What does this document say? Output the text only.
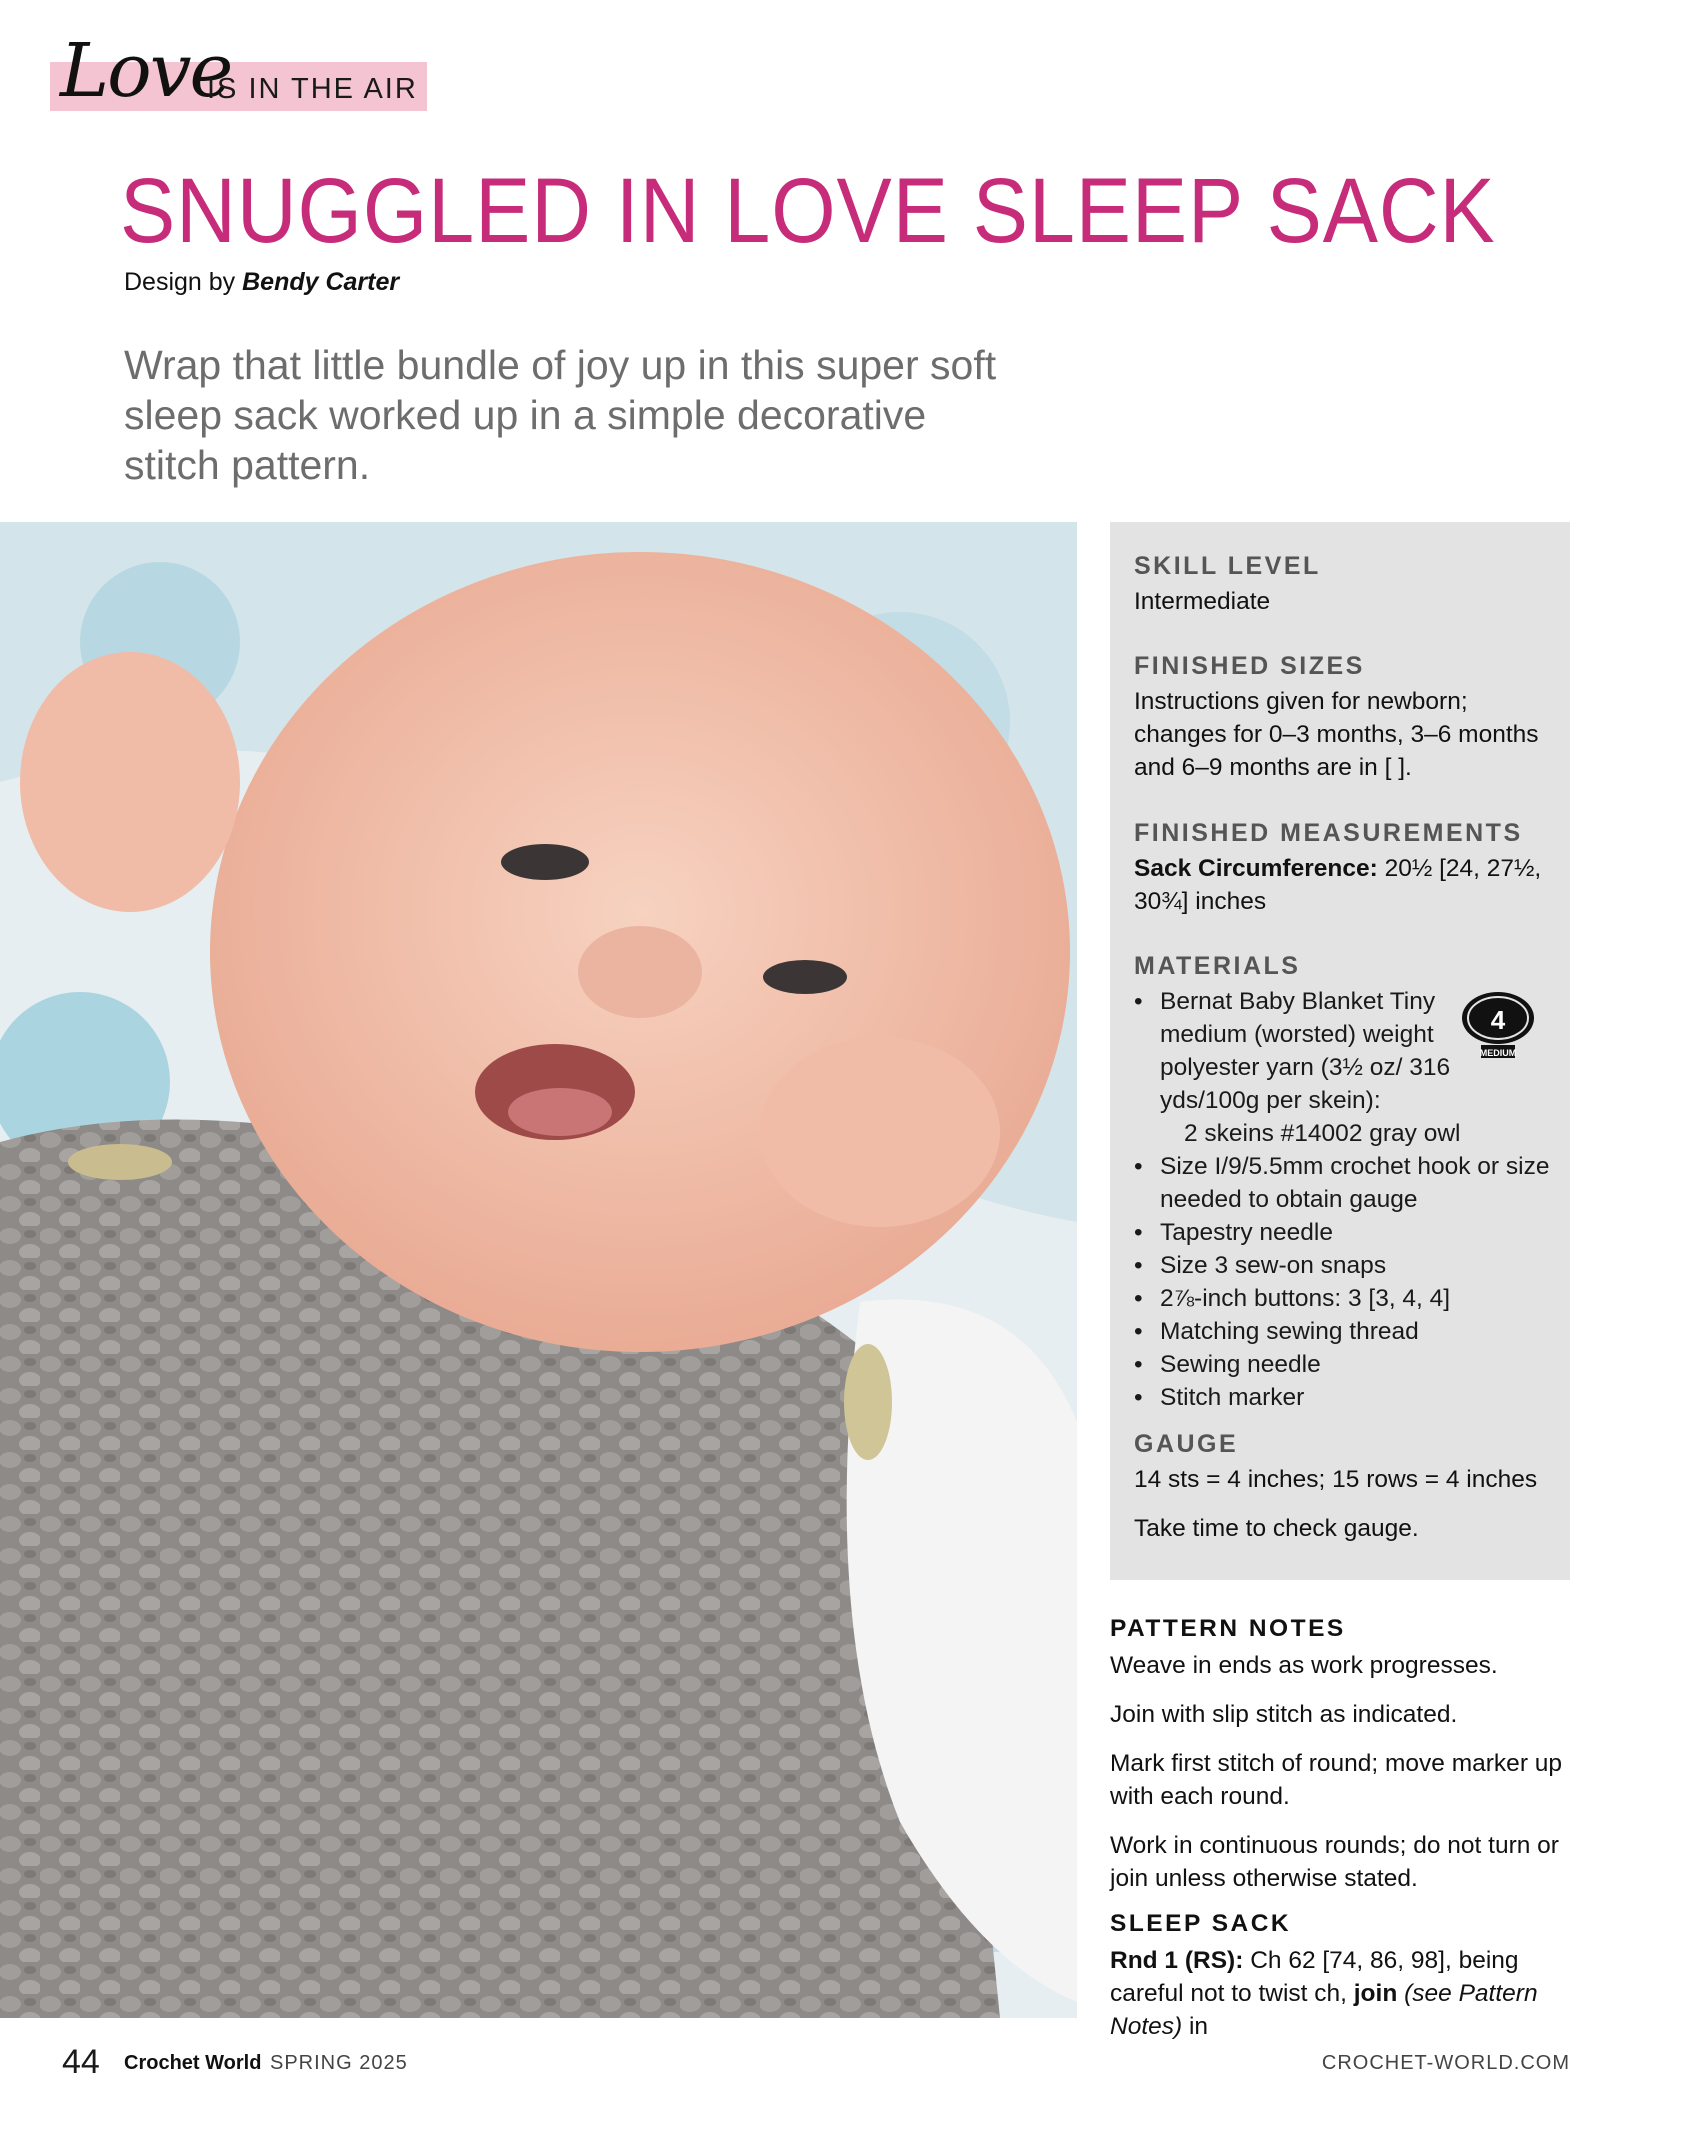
Love
IS IN THE AIR
SNUGGLED IN LOVE SLEEP SACK
Design by Bendy Carter
Wrap that little bundle of joy up in this super soft sleep sack worked up in a simple decorative stitch pattern.

SKILL LEVEL

Intermediate

FINISHED SIZES

Instructions given for newborn; changes for 0–3 months, 3–6 months and 6–9 months are in [ ].

FINISHED MEASUREMENTS

Sack Circumference: 20½ [24, 27½, 30¾] inches

MATERIALS

4
MEDIUM
• Bernat Baby Blanket Tiny medium (worsted) weight polyester yarn (3½ oz/ 316 yds/100g per skein):
2 skeins #14002 gray owl
• Size I/9/5.5mm crochet hook or size needed to obtain gauge
• Tapestry needle
• Size 3 sew-on snaps
• 2⅞-inch buttons: 3 [3, 4, 4]
• Matching sewing thread
• Sewing needle
• Stitch marker

GAUGE

14 sts = 4 inches; 15 rows = 4 inches

Take time to check gauge.

PATTERN NOTES

Weave in ends as work progresses.

Join with slip stitch as indicated.

Mark first stitch of round; move marker up with each round.

Work in continuous rounds; do not turn or join unless otherwise stated.

SLEEP SACK

Rnd 1 (RS): Ch 62 [74, 86, 98], being careful not to twist ch, join (see Pattern Notes) in

44 Crochet World SPRING 2025	CROCHET-WORLD.COM
